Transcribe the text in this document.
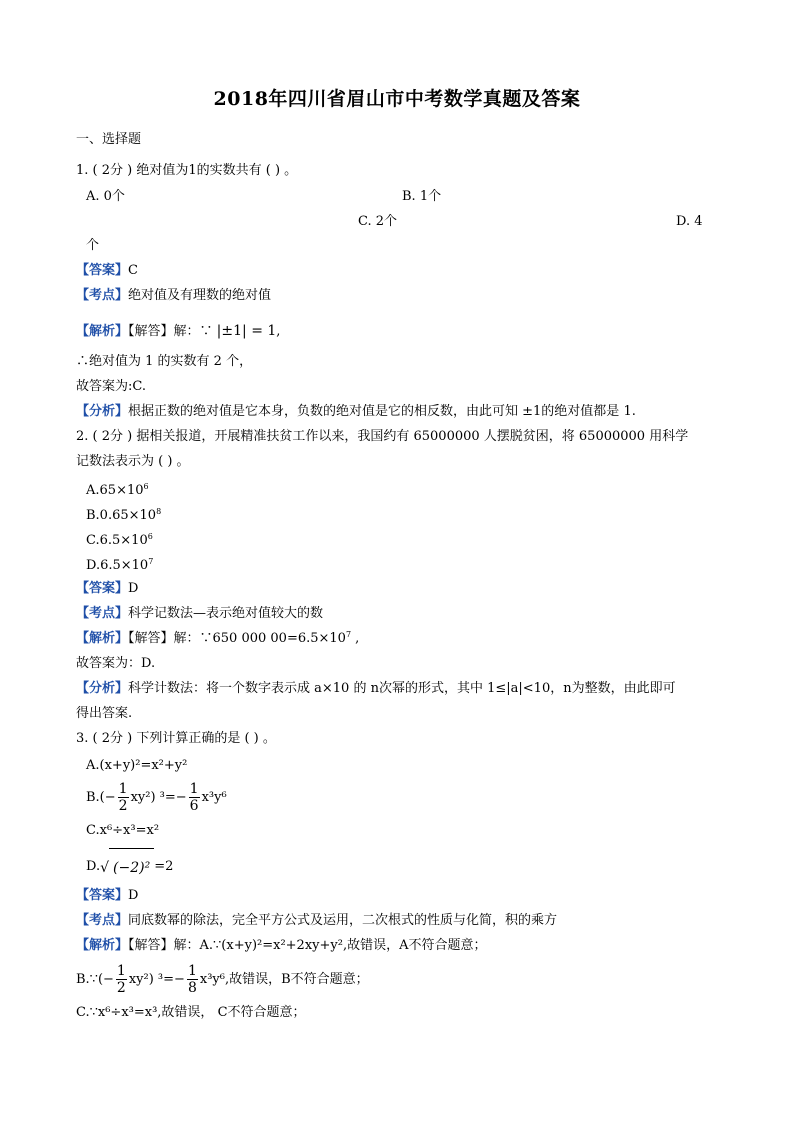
2018年四川省眉山市中考数学真题及答案
一、选择题
1. ( 2分 ) 绝对值为1的实数共有 ( ) 。
A. 0个	B. 1个
C. 2个	D. 4
个
【答案】C
【考点】绝对值及有理数的绝对值
【解析】【解答】解：∵ |±1| = 1,
∴绝对值为 1 的实数有 2 个，
故答案为:C.
【分析】根据正数的绝对值是它本身，负数的绝对值是它的相反数，由此可知 ±1的绝对值都是 1.
2. ( 2分 ) 据相关报道，开展精准扶贫工作以来，我国约有 65000000 人摆脱贫困，将 65000000 用科学
记数法表示为 ( ) 。
$A.65\times 10^6$
$B.0.65\times 10^8$
$C.6.5\times 10^6$
$D.6.5\times 10^7$
【答案】D
【考点】科学记数法—表示绝对值较大的数
【解析】【解答】解：∵650 000 $00=6.5\times 10^7$ ,
故答案为：D.
【分析】科学计数法：将一个数字表示成 a×10 的 n次幂的形式，其中 1≤|a|<10，n为整数，由此即可
得出答案.
3. ( 2分 ) 下列计算正确的是 ( ) 。
A.(x+y)²=x²+y²
$B.(- \frac{1}{2} xy^2)$ $^3=- \frac{1}{6} x^3y^6$
C.x⁶÷x³=x²
D.√ (−2)² =2
【答案】D
【考点】同底数幂的除法，完全平方公式及运用，二次根式的性质与化简，积的乘方
【解析】【解答】解：A.∵(x+y)²=x²+2xy+y²,故错误，A不符合题意；
B.∵(− $\frac{1}{2} xy^2$) $^3=- \frac{1}{8} x^3y^6$,故错误，B不符合题意；
C.∵x⁶÷x³=x³,故错误， C不符合题意；
